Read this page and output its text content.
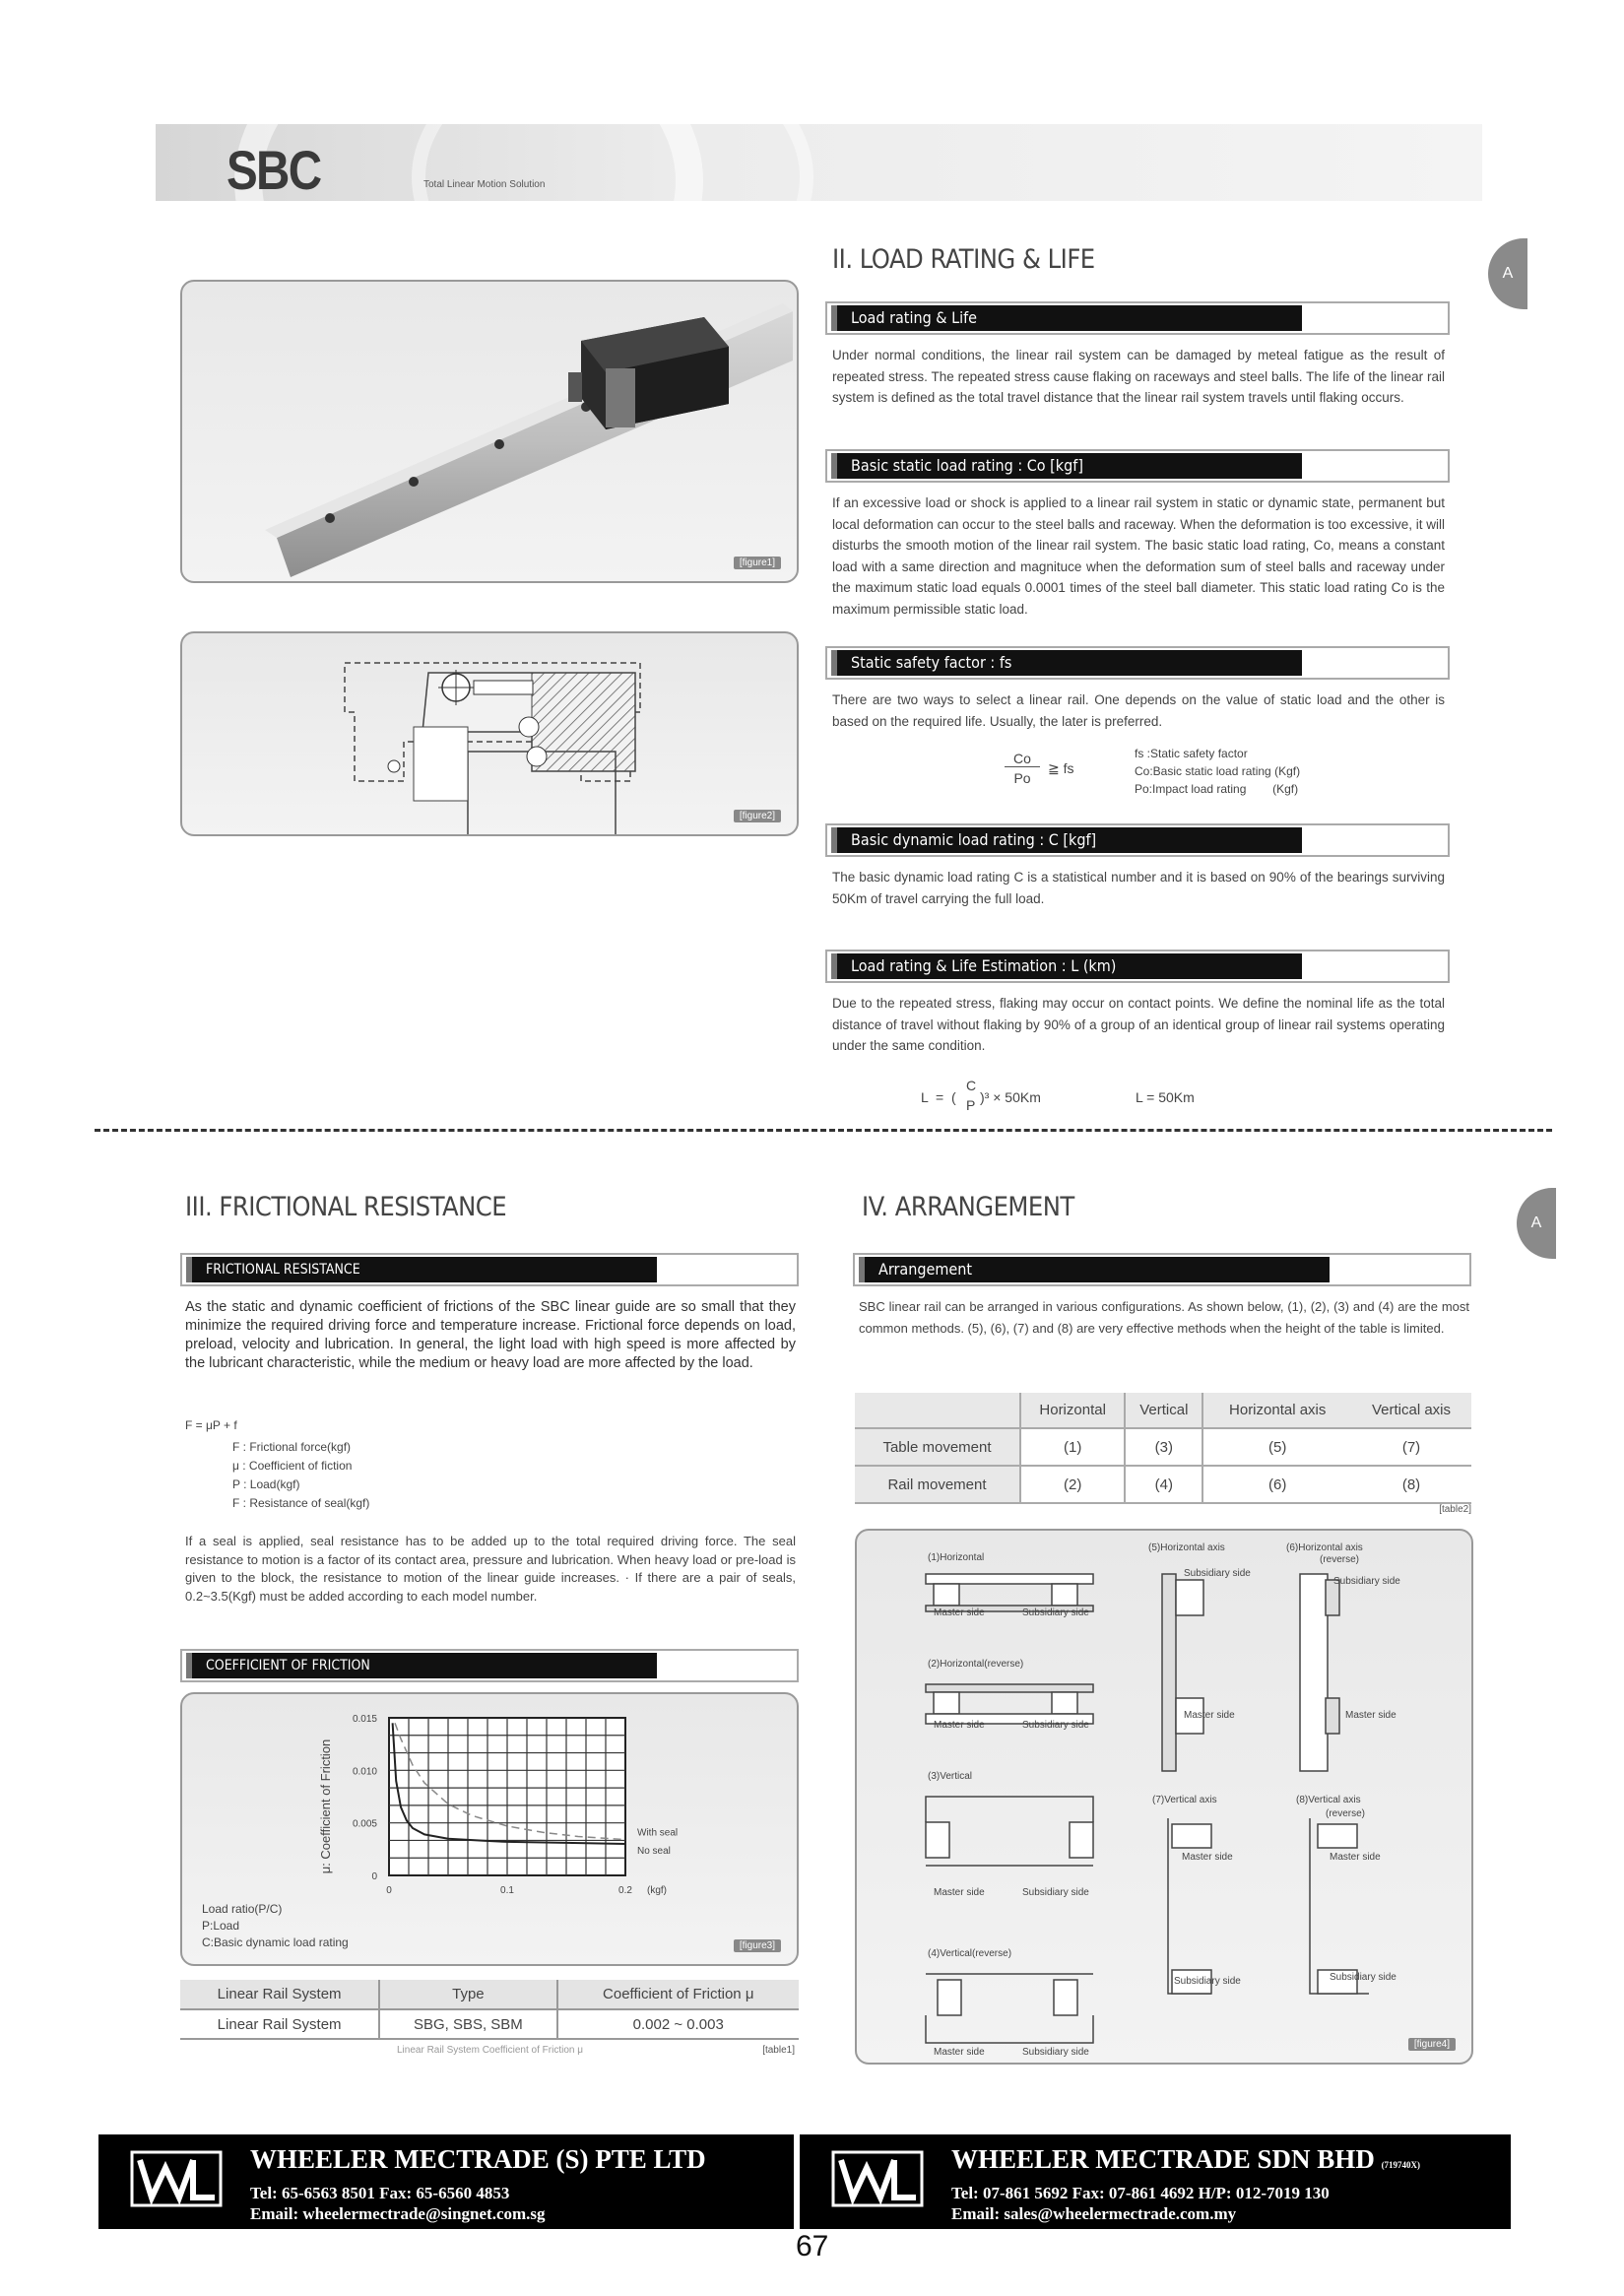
SBC	Total Linear Motion Solution
A
A
II. LOAD RATING & LIFE
[figure1]
[figure2]
Load rating & Life
Under normal conditions, the linear rail system can be damaged by meteal fatigue as the result of repeated stress. The repeated stress cause flaking on raceways and steel balls. The life of the linear rail system is defined as the total travel distance that the linear rail system travels until flaking occurs.
Basic static load rating : Co [kgf]
If an excessive load or shock is applied to a linear rail system in static or dynamic state, permanent but local deformation can occur to the steel balls and raceway. When the deformation is too excessive, it will disturbs the smooth motion of the linear rail system. The basic static load rating, Co, means a constant load with a same direction and magnituce when the deformation sum of steel balls and raceway under the maximum static load equals 0.0001 times of the steel ball diameter. This static load rating Co is the maximum permissible static load.
Static safety factor : fs
There are two ways to select a linear rail. One depends on the value of static load and the other is based on the required life. Usually, the later is preferred.
Co
Po
≧ fs
fs :Static safety factor
Co:Basic static load rating (Kgf)
Po:Impact load rating        (Kgf)
Basic dynamic load rating : C [kgf]
The basic dynamic load rating C is a statistical number and it is based on 90% of the bearings surviving 50Km of travel carrying the full load.
Load rating & Life Estimation : L (km)
Due to the repeated stress, flaking may occur on contact points. We define the nominal life as the total distance of travel without flaking by 90% of a group of an identical group of linear rail systems operating under the same condition.
L  =  (
C
P )³ × 50Km	L = 50Km
III. FRICTIONAL RESISTANCE
FRICTIONAL RESISTANCE
As the static and dynamic coefficient of frictions of the SBC linear guide are so small that they minimize the required driving force and temperature increase. Frictional force depends on load, preload, velocity and lubrication. In general, the light load with high speed is more affected by the lubricant characteristic, while the medium or heavy load are more affected by the load.
F = μP + f
F : Frictional force(kgf)
μ : Coefficient of fiction
P : Load(kgf)
F : Resistance of seal(kgf)
If a seal is applied, seal resistance has to be added up to the total required driving force. The seal resistance to motion is a factor of its contact area, pressure and lubrication. When heavy load or pre-load is given to the block, the resistance to motion of the linear guide increases. · If there are a pair of seals, 0.2~3.5(Kgf) must be added according to each model number.
COEFFICIENT OF FRICTION
With seal
No seal
0
0.005
0.010
0.015
0	0.1	0.2 (kgf)
μ: Coefficient of Friction
Load ratio(P/C)
P:Load
C:Basic dynamic load rating	[figure3]
Linear Rail System	Type	Coefficient of Friction μ
Linear Rail System	SBG, SBS, SBM	0.002 ~ 0.003
Linear Rail System Coefficient of Friction μ	[table1]
IV. ARRANGEMENT
Arrangement
SBC linear rail can be arranged in various configurations. As shown below, (1), (2), (3) and (4) are the most common methods. (5), (6), (7) and (8) are very effective methods when the height of the table is limited.
	Horizontal	Vertical	Horizontal axis	Vertical axis
Table movement	(1)	(3)	(5)	(7)
Rail movement	(2)	(4)	(6)	(8)
[table2]
(1)Horizontal
(2)Horizontal(reverse)
(3)Vertical
(4)Vertical(reverse)
(5)Horizontal axis	(6)Horizontal axis
(reverse)
(7)Vertical axis	(8)Vertical axis
(reverse)
Master side	Subsidiary side
Master side	Subsidiary side
Master side	Subsidiary side
Master side	Subsidiary side
Subsidiary side
Master side
Subsidiary side
Master side
Master side
Subsidiary side
Master side
Subsidiary side
[figure4]
WHEELER MECTRADE (S) PTE LTD
Tel: 65-6563 8501 Fax: 65-6560 4853
Email: wheelermectrade@singnet.com.sg
WHEELER MECTRADE SDN BHD (719740X)
Tel: 07-861 5692 Fax: 07-861 4692 H/P: 012-7019 130
Email: sales@wheelermectrade.com.my
67
